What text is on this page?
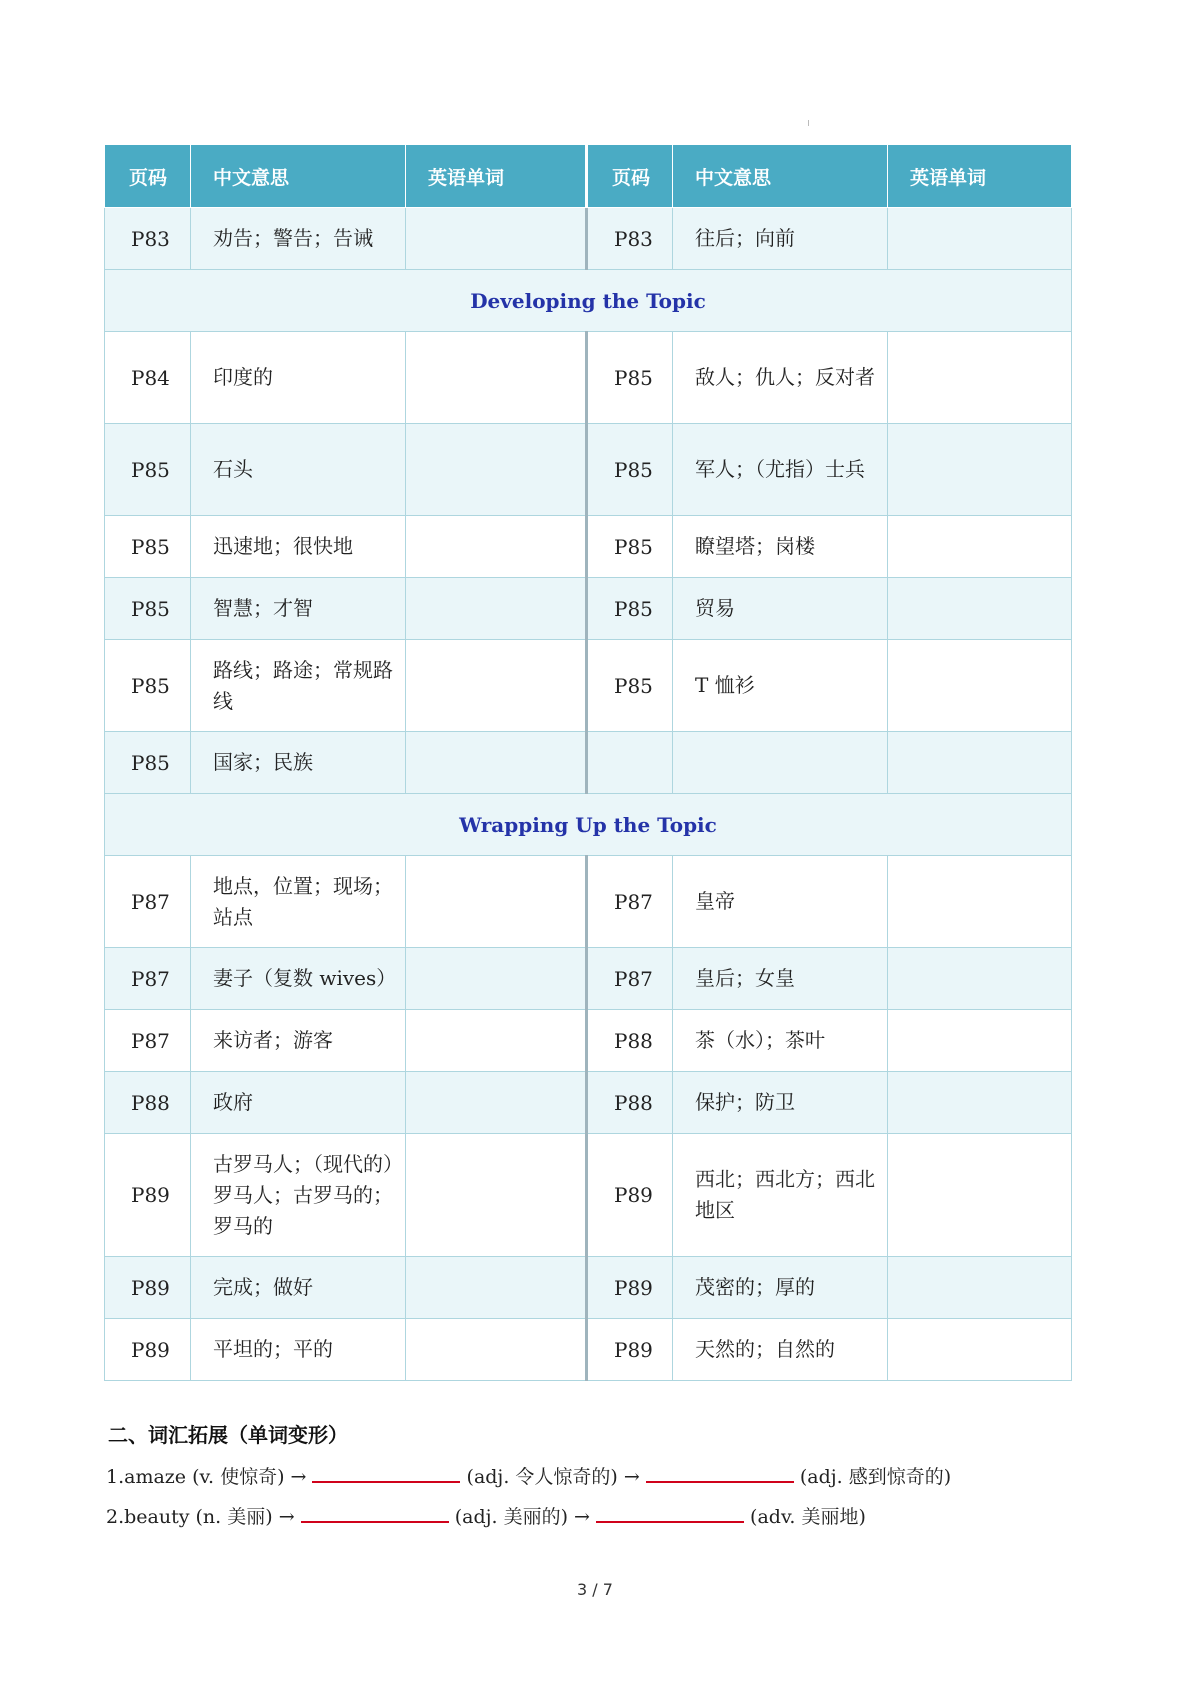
页码	中文意思	英语单词	页码	中文意思	英语单词
P83	劝告；警告；告诫		P83	往后；向前	
Developing the Topic					
P84	印度的		P85	敌人；仇人；反对者	
P85	石头		P85	军人；（尤指）士兵	
P85	迅速地；很快地		P85	瞭望塔；岗楼	
P85	智慧；才智		P85	贸易	
P85	路线；路途；常规路线		P85	T 恤衫	
P85	国家；民族				
Wrapping Up the Topic					
P87	地点，位置；现场；站点		P87	皇帝	
P87	妻子（复数 wives）		P87	皇后；女皇	
P87	来访者；游客		P88	茶（水）；茶叶	
P88	政府		P88	保护；防卫	
P89	古罗马人；（现代的）罗马人；古罗马的；罗马的		P89	西北；西北方；西北地区	
P89	完成；做好		P89	茂密的；厚的	
P89	平坦的；平的		P89	天然的；自然的	
二、词汇拓展（单词变形）
1.amaze (v. 使惊奇) →	(adj. 令人惊奇的) →	(adj. 感到惊奇的)
2.beauty (n. 美丽) →	(adj. 美丽的) →	(adv. 美丽地)
3 / 7
